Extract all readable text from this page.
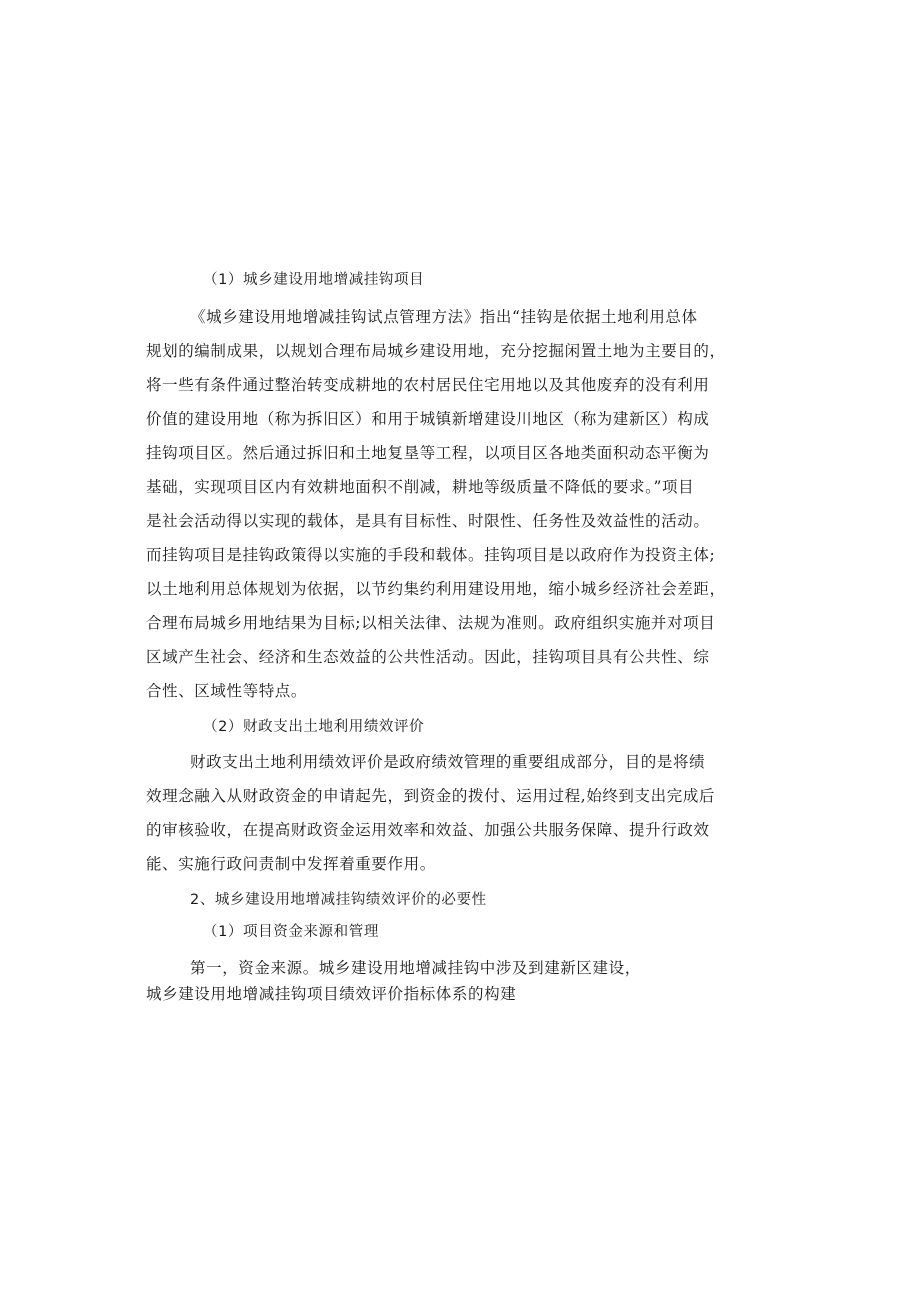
（1）城乡建设用地增减挂钩项目
《城乡建设用地增减挂钩试点管理方法》指出“挂钩是依据土地利用总体
规划的编制成果，以规划合理布局城乡建设用地，充分挖掘闲置土地为主要目的，
将一些有条件通过整治转变成耕地的农村居民住宅用地以及其他废弃的没有利用
价值的建设用地（称为拆旧区）和用于城镇新增建设川地区（称为建新区）构成
挂钩项目区。然后通过拆旧和土地复垦等工程，以项目区各地类面积动态平衡为
基础，实现项目区内有效耕地面积不削减，耕地等级质量不降低的要求。”项目
是社会活动得以实现的载体，是具有目标性、时限性、任务性及效益性的活动。
而挂钩项目是挂钩政策得以实施的手段和载体。挂钩项目是以政府作为投资主体;
以土地利用总体规划为依据，以节约集约利用建设用地，缩小城乡经济社会差距，
合理布局城乡用地结果为目标;以相关法律、法规为准则。政府组织实施并对项目
区域产生社会、经济和生态效益的公共性活动。因此，挂钩项目具有公共性、综
合性、区域性等特点。
（2）财政支出土地利用绩效评价
财政支出土地利用绩效评价是政府绩效管理的重要组成部分，目的是将绩
效理念融入从财政资金的申请起先，到资金的拨付、运用过程,始终到支出完成后
的审核验收，在提高财政资金运用效率和效益、加强公共服务保障、提升行政效
能、实施行政问责制中发挥着重要作用。
2、城乡建设用地增减挂钩绩效评价的必要性
（1）项目资金来源和管理
第一，资金来源。城乡建设用地增减挂钩中涉及到建新区建设，
城乡建设用地增减挂钩项目绩效评价指标体系的构建
